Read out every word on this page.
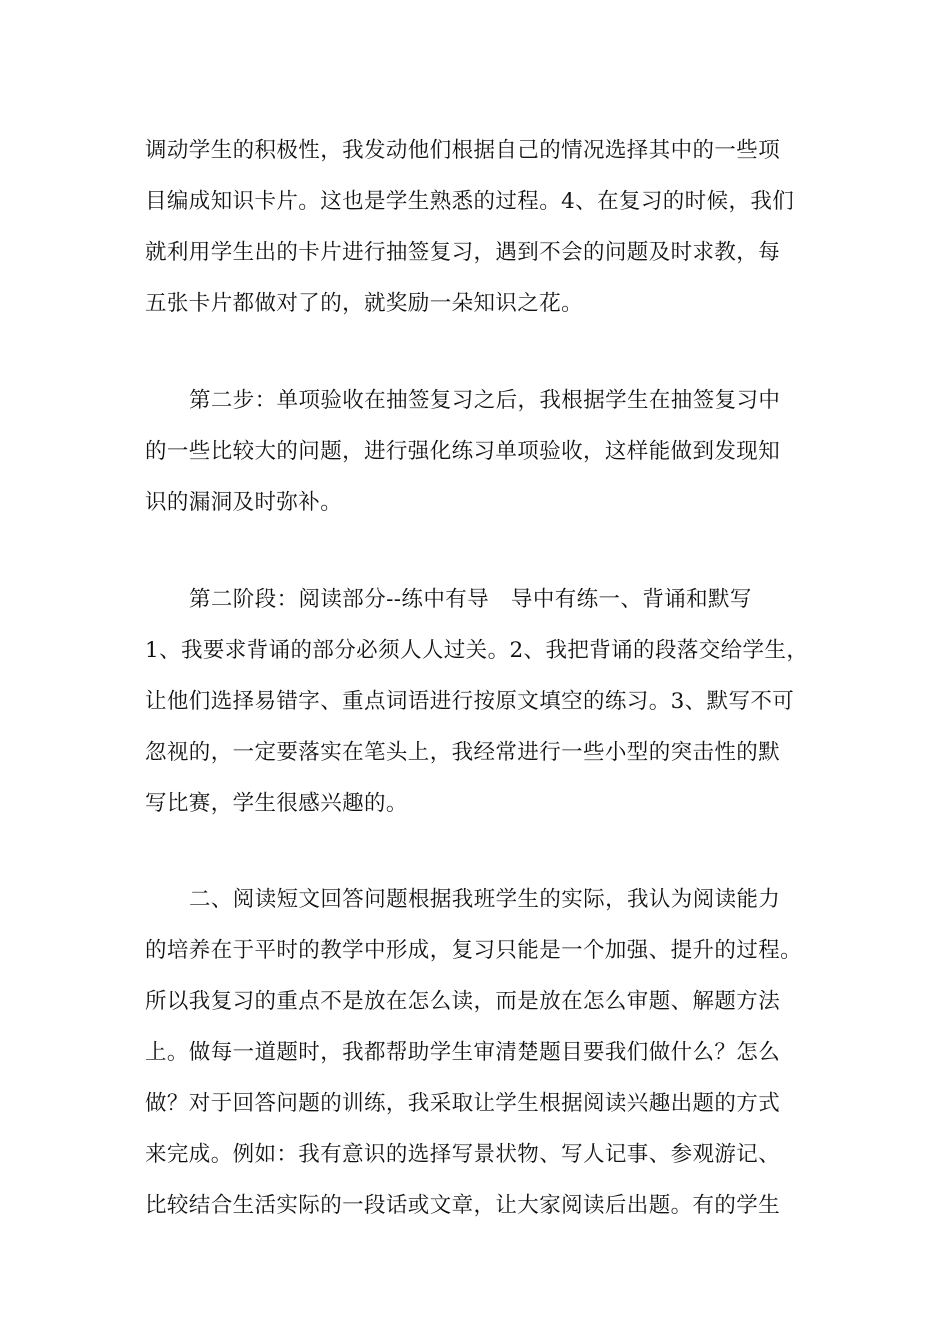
调动学生的积极性，我发动他们根据自己的情况选择其中的一些项
目编成知识卡片。这也是学生熟悉的过程。4、在复习的时候，我们
就利用学生出的卡片进行抽签复习，遇到不会的问题及时求教，每
五张卡片都做对了的，就奖励一朵知识之花。
第二步：单项验收在抽签复习之后，我根据学生在抽签复习中
的一些比较大的问题，进行强化练习单项验收，这样能做到发现知
识的漏洞及时弥补。
第二阶段：阅读部分--练中有导　导中有练一、背诵和默写
1、我要求背诵的部分必须人人过关。2、我把背诵的段落交给学生，
让他们选择易错字、重点词语进行按原文填空的练习。3、默写不可
忽视的，一定要落实在笔头上，我经常进行一些小型的突击性的默
写比赛，学生很感兴趣的。
二、阅读短文回答问题根据我班学生的实际，我认为阅读能力
的培养在于平时的教学中形成，复习只能是一个加强、提升的过程。
所以我复习的重点不是放在怎么读，而是放在怎么审题、解题方法
上。做每一道题时，我都帮助学生审清楚题目要我们做什么？怎么
做？对于回答问题的训练，我采取让学生根据阅读兴趣出题的方式
来完成。例如：我有意识的选择写景状物、写人记事、参观游记、
比较结合生活实际的一段话或文章，让大家阅读后出题。有的学生
